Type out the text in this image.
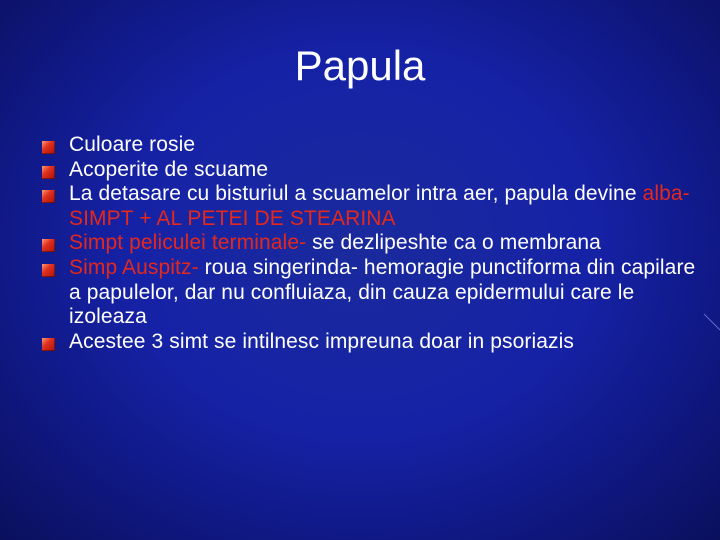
Papula
Culoare rosie
Acoperite de scuame
La detasare cu bisturiul a scuamelor intra aer, papula devine alba- SIMPT + AL PETEI DE STEARINA
Simpt peliculei terminale- se dezlipeshte ca o membrana
Simp Auspitz- roua singerinda- hemoragie punctiforma din capilare a papulelor, dar nu confluiaza, din cauza epidermului care le izoleaza
Acestee 3 simt se intilnesc impreuna doar in psoriazis
